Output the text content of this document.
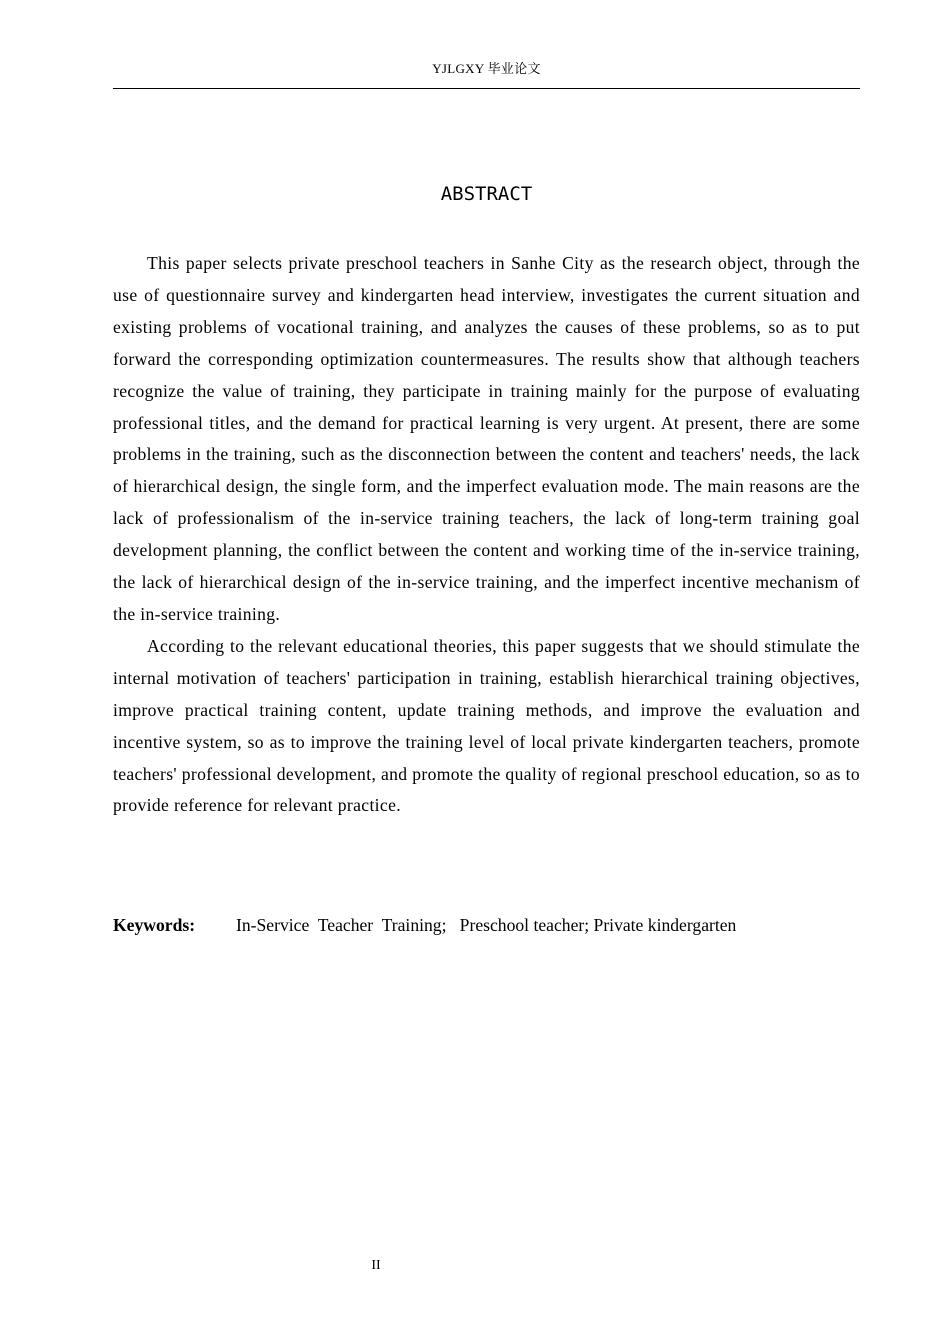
YJLGXY 毕业论文
ABSTRACT

This paper selects private preschool teachers in Sanhe City as the research object, through the use of questionnaire survey and kindergarten head interview, investigates the current situation and existing problems of vocational training, and analyzes the causes of these problems, so as to put forward the corresponding optimization countermeasures. The results show that although teachers recognize the value of training, they participate in training mainly for the purpose of evaluating professional titles, and the demand for practical learning is very urgent. At present, there are some problems in the training, such as the disconnection between the content and teachers' needs, the lack of hierarchical design, the single form, and the imperfect evaluation mode. The main reasons are the lack of professionalism of the in-service training teachers, the lack of long-term training goal development planning, the conflict between the content and working time of the in-service training, the lack of hierarchical design of the in-service training, and the imperfect incentive mechanism of the in-service training.

According to the relevant educational theories, this paper suggests that we should stimulate the internal motivation of teachers' participation in training, establish hierarchical training objectives, improve practical training content, update training methods, and improve the evaluation and incentive system, so as to improve the training level of local private kindergarten teachers, promote teachers' professional development, and promote the quality of regional preschool education, so as to provide reference for relevant practice.

Keywords: In-Service  Teacher  Training;   Preschool teacher; Private kindergarten
II
